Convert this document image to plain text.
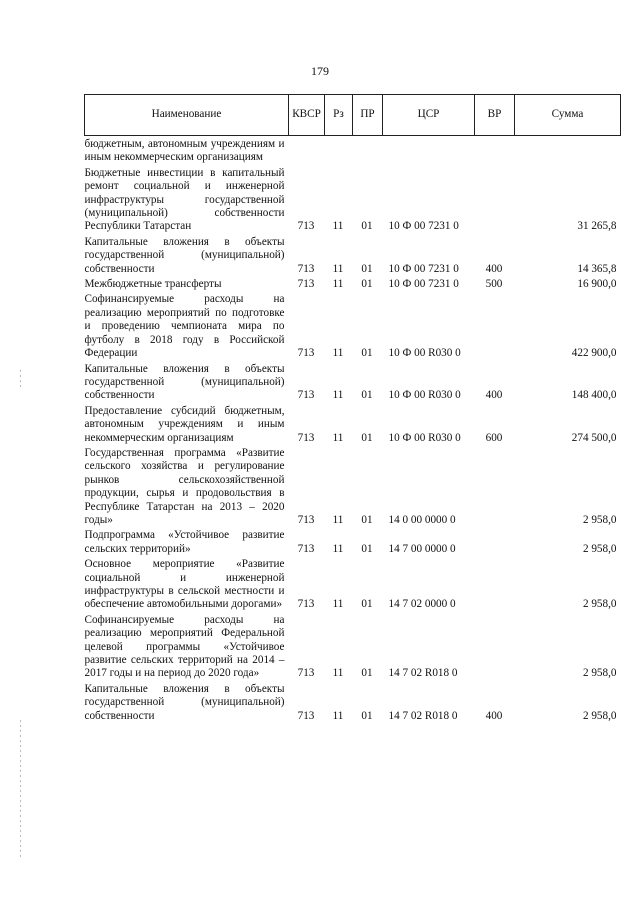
179
Наименование	КВСР	Рз	ПР	ЦСР	ВР	Сумма
бюджетным, автономным учреждениям и иным некоммерческим организациям						
Бюджетные инвестиции в капитальный ремонт социальной и инженерной инфраструктуры государственной (муниципальной) собственности Республики Татарстан	713	11	01	10 Ф 00 7231 0		31 265,8
Капитальные вложения в объекты государственной (муниципальной) собственности	713	11	01	10 Ф 00 7231 0	400	14 365,8
Межбюджетные трансферты	713	11	01	10 Ф 00 7231 0	500	16 900,0
Софинансируемые расходы на реализацию мероприятий по подготовке и проведению чемпионата мира по футболу в 2018 году в Российской Федерации	713	11	01	10 Ф 00 R030 0		422 900,0
Капитальные вложения в объекты государственной (муниципальной) собственности	713	11	01	10 Ф 00 R030 0	400	148 400,0
Предоставление субсидий бюджетным, автономным учреждениям и иным некоммерческим организациям	713	11	01	10 Ф 00 R030 0	600	274 500,0
Государственная программа «Развитие сельского хозяйства и регулирование рынков сельскохозяйственной продукции, сырья и продовольствия в Республике Татарстан на 2013 – 2020 годы»	713	11	01	14 0 00 0000 0		2 958,0
Подпрограмма «Устойчивое развитие сельских территорий»	713	11	01	14 7 00 0000 0		2 958,0
Основное мероприятие «Развитие социальной и инженерной инфраструктуры в сельской местности и обеспечение автомобильными дорогами»	713	11	01	14 7 02 0000 0		2 958,0
Софинансируемые расходы на реализацию мероприятий Федеральной целевой программы «Устойчивое развитие сельских территорий на 2014 – 2017 годы и на период до 2020 года»	713	11	01	14 7 02 R018 0		2 958,0
Капитальные вложения в объекты государственной (муниципальной) собственности	713	11	01	14 7 02 R018 0	400	2 958,0
